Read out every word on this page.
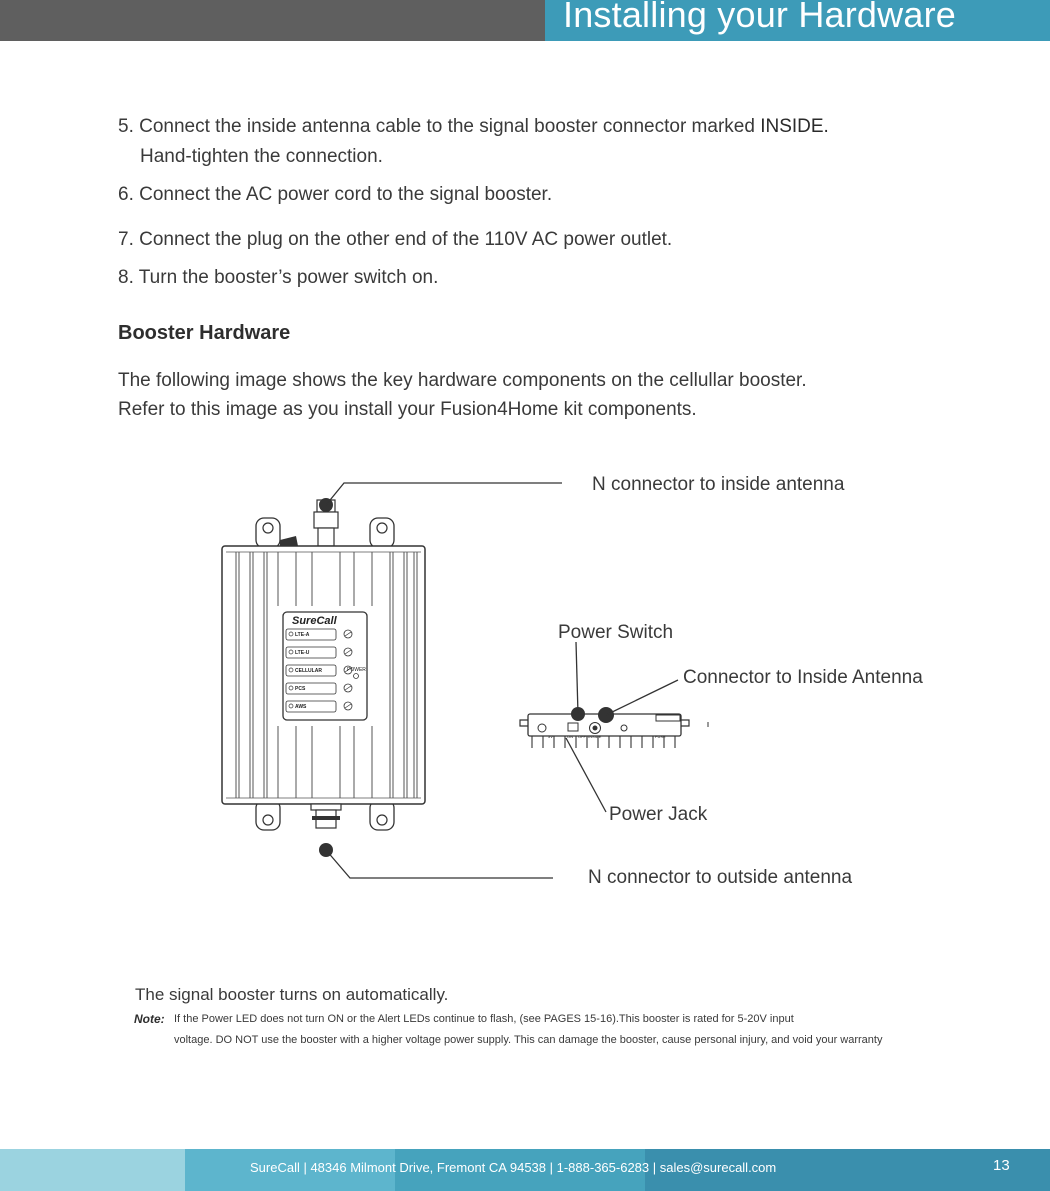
Installing your Hardware
5. Connect the inside antenna cable to the signal booster connector marked INSIDE.
Hand-tighten the connection.
6. Connect the AC power cord to the signal booster.
7. Connect the plug on the other end of the 110V AC power outlet.
8. Turn the booster’s power switch on.
Booster Hardware
The following image shows the key hardware components on the cellullar booster.
Refer to this image as you install your Fusion4Home kit components.
SureCall
LTE-A
LTE-U
CELLULAR
PCS
AWS
POWER
5V	ON OFF INSIDE	FUSE
N connector to inside antenna
Power Switch
Connector to Inside Antenna
Power Jack
N connector to outside antenna
The signal booster turns on automatically.
Note: If the Power LED does not turn ON or the Alert LEDs continue to flash, (see PAGES 15-16).This booster is rated for 5-20V input
voltage. DO NOT use the booster with a higher voltage power supply. This can damage the booster, cause personal injury, and void your warranty
SureCall | 48346 Milmont Drive, Fremont CA 94538 | 1-888-365-6283 | sales@surecall.com	13
